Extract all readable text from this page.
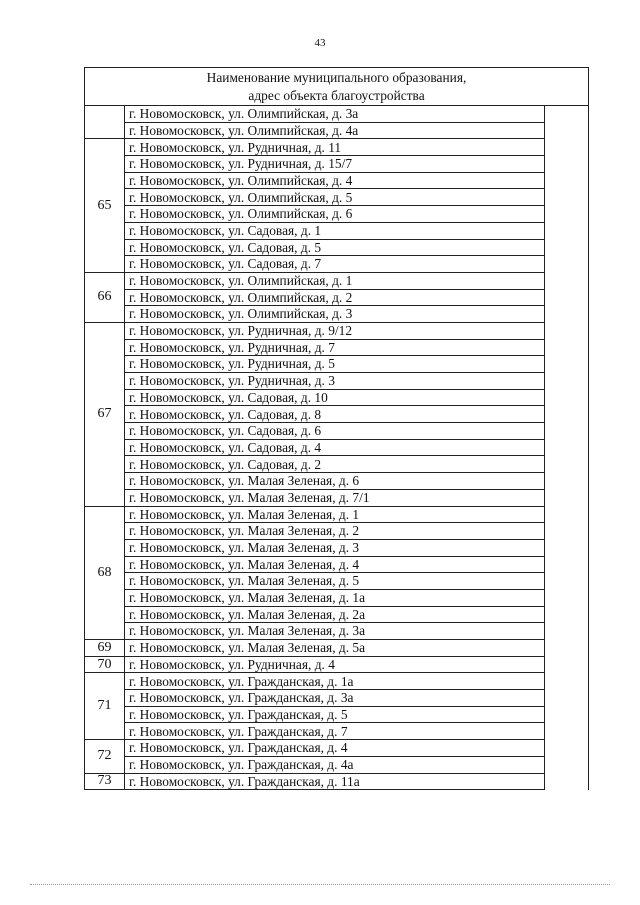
43
Наименование муниципального образования,
адрес объекта благоустройства		
	г. Новомосковск, ул. Олимпийская, д. 3а	
	г. Новомосковск, ул. Олимпийская, д. 4а	
65	г. Новомосковск, ул. Рудничная, д. 11	
	г. Новомосковск, ул. Рудничная, д. 15/7	
	г. Новомосковск, ул. Олимпийская, д. 4	
	г. Новомосковск, ул. Олимпийская, д. 5	
	г. Новомосковск, ул. Олимпийская, д. 6	
	г. Новомосковск, ул. Садовая, д. 1	
	г. Новомосковск, ул. Садовая, д. 5	
	г. Новомосковск, ул. Садовая, д. 7	
66	г. Новомосковск, ул. Олимпийская, д. 1	
	г. Новомосковск, ул. Олимпийская, д. 2	
	г. Новомосковск, ул. Олимпийская, д. 3	
67	г. Новомосковск, ул. Рудничная, д. 9/12	
	г. Новомосковск, ул. Рудничная, д. 7	
	г. Новомосковск, ул. Рудничная, д. 5	
	г. Новомосковск, ул. Рудничная, д. 3	
	г. Новомосковск, ул. Садовая, д. 10	
	г. Новомосковск, ул. Садовая, д. 8	
	г. Новомосковск, ул. Садовая, д. 6	
	г. Новомосковск, ул. Садовая, д. 4	
	г. Новомосковск, ул. Садовая, д. 2	
	г. Новомосковск, ул. Малая Зеленая, д. 6	
	г. Новомосковск, ул. Малая Зеленая, д. 7/1	
68	г. Новомосковск, ул. Малая Зеленая, д. 1	
	г. Новомосковск, ул. Малая Зеленая, д. 2	
	г. Новомосковск, ул. Малая Зеленая, д. 3	
	г. Новомосковск, ул. Малая Зеленая, д. 4	
	г. Новомосковск, ул. Малая Зеленая, д. 5	
	г. Новомосковск, ул. Малая Зеленая, д. 1а	
	г. Новомосковск, ул. Малая Зеленая, д. 2а	
	г. Новомосковск, ул. Малая Зеленая, д. 3а	
69	г. Новомосковск, ул. Малая Зеленая, д. 5а	
70	г. Новомосковск, ул. Рудничная, д. 4	
71	г. Новомосковск, ул. Гражданская, д. 1а	
	г. Новомосковск, ул. Гражданская, д. 3а	
	г. Новомосковск, ул. Гражданская, д. 5	
	г. Новомосковск, ул. Гражданская, д. 7	
72	г. Новомосковск, ул. Гражданская, д. 4	
	г. Новомосковск, ул. Гражданская, д. 4а	
73	г. Новомосковск, ул. Гражданская, д. 11а	
